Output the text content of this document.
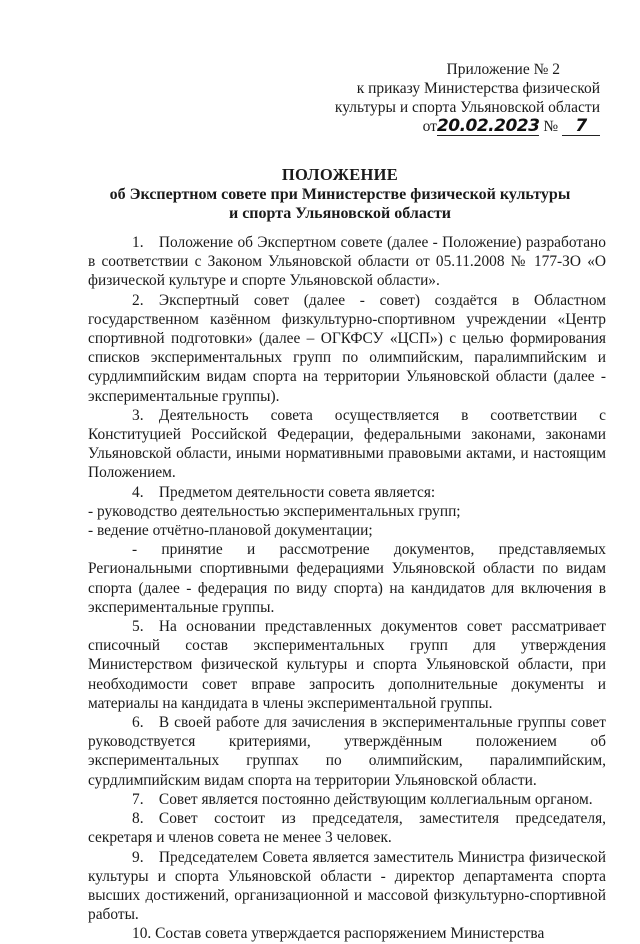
Приложение № 2
к приказу Министерства физической
культуры и спорта Ульяновской области
от20.02.2023 № 7
ПОЛОЖЕНИЕ
об Экспертном совете при Министерстве физической культуры
и спорта Ульяновской области

1. Положение об Экспертном совете (далее - Положение) разработано в соответствии с Законом Ульяновской области от 05.11.2008 № 177-ЗО «О физической культуре и спорте Ульяновской области».

2. Экспертный совет (далее - совет) создаётся в Областном государственном казённом физкультурно-спортивном учреждении «Центр спортивной подготовки» (далее – ОГКФСУ «ЦСП») с целью формирования списков экспериментальных групп по олимпийским, паралимпийским и сурдлимпийским видам спорта на территории Ульяновской области (далее - экспериментальные группы).

3. Деятельность совета осуществляется в соответствии с Конституцией Российской Федерации, федеральными законами, законами Ульяновской области, иными нормативными правовыми актами, и настоящим Положением.

4. Предметом деятельности совета является:

- руководство деятельностью экспериментальных групп;

- ведение отчётно-плановой документации;

- принятие и рассмотрение документов, представляемых Региональными спортивными федерациями Ульяновской области по видам спорта (далее - федерация по виду спорта) на кандидатов для включения в экспериментальные группы.

5. На основании представленных документов совет рассматривает списочный состав экспериментальных групп для утверждения Министерством физической культуры и спорта Ульяновской области, при необходимости совет вправе запросить дополнительные документы и материалы на кандидата в члены экспериментальной группы.

6. В своей работе для зачисления в экспериментальные группы совет руководствуется критериями, утверждённым положением об экспериментальных группах по олимпийским, паралимпийским, сурдлимпийским видам спорта на территории Ульяновской области.

7. Совет является постоянно действующим коллегиальным органом.

8. Совет состоит из председателя, заместителя председателя, секретаря и членов совета не менее 3 человек.

9. Председателем Совета является заместитель Министра физической культуры и спорта Ульяновской области - директор департамента спорта высших достижений, организационной и массовой физкультурно-спортивной работы.

10. Состав совета утверждается распоряжением Министерства
